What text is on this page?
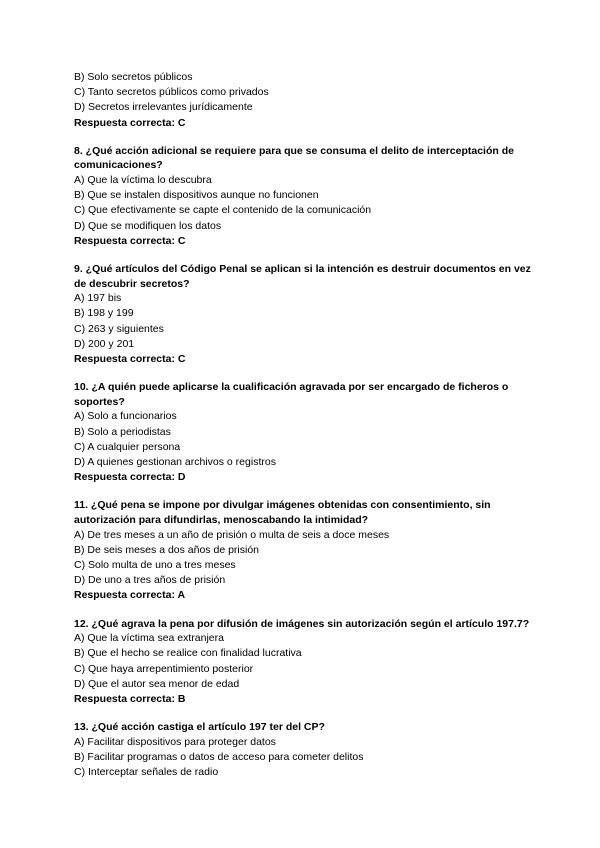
B) Solo secretos públicos
C) Tanto secretos públicos como privados
D) Secretos irrelevantes jurídicamente
Respuesta correcta: C
8. ¿Qué acción adicional se requiere para que se consuma el delito de interceptación de comunicaciones?
A) Que la víctima lo descubra
B) Que se instalen dispositivos aunque no funcionen
C) Que efectivamente se capte el contenido de la comunicación
D) Que se modifiquen los datos
Respuesta correcta: C
9. ¿Qué artículos del Código Penal se aplican si la intención es destruir documentos en vez de descubrir secretos?
A) 197 bis
B) 198 y 199
C) 263 y siguientes
D) 200 y 201
Respuesta correcta: C
10. ¿A quién puede aplicarse la cualificación agravada por ser encargado de ficheros o soportes?
A) Solo a funcionarios
B) Solo a periodistas
C) A cualquier persona
D) A quienes gestionan archivos o registros
Respuesta correcta: D
11. ¿Qué pena se impone por divulgar imágenes obtenidas con consentimiento, sin autorización para difundirlas, menoscabando la intimidad?
A) De tres meses a un año de prisión o multa de seis a doce meses
B) De seis meses a dos años de prisión
C) Solo multa de uno a tres meses
D) De uno a tres años de prisión
Respuesta correcta: A
12. ¿Qué agrava la pena por difusión de imágenes sin autorización según el artículo 197.7?
A) Que la víctima sea extranjera
B) Que el hecho se realice con finalidad lucrativa
C) Que haya arrepentimiento posterior
D) Que el autor sea menor de edad
Respuesta correcta: B
13. ¿Qué acción castiga el artículo 197 ter del CP?
A) Facilitar dispositivos para proteger datos
B) Facilitar programas o datos de acceso para cometer delitos
C) Interceptar señales de radio
